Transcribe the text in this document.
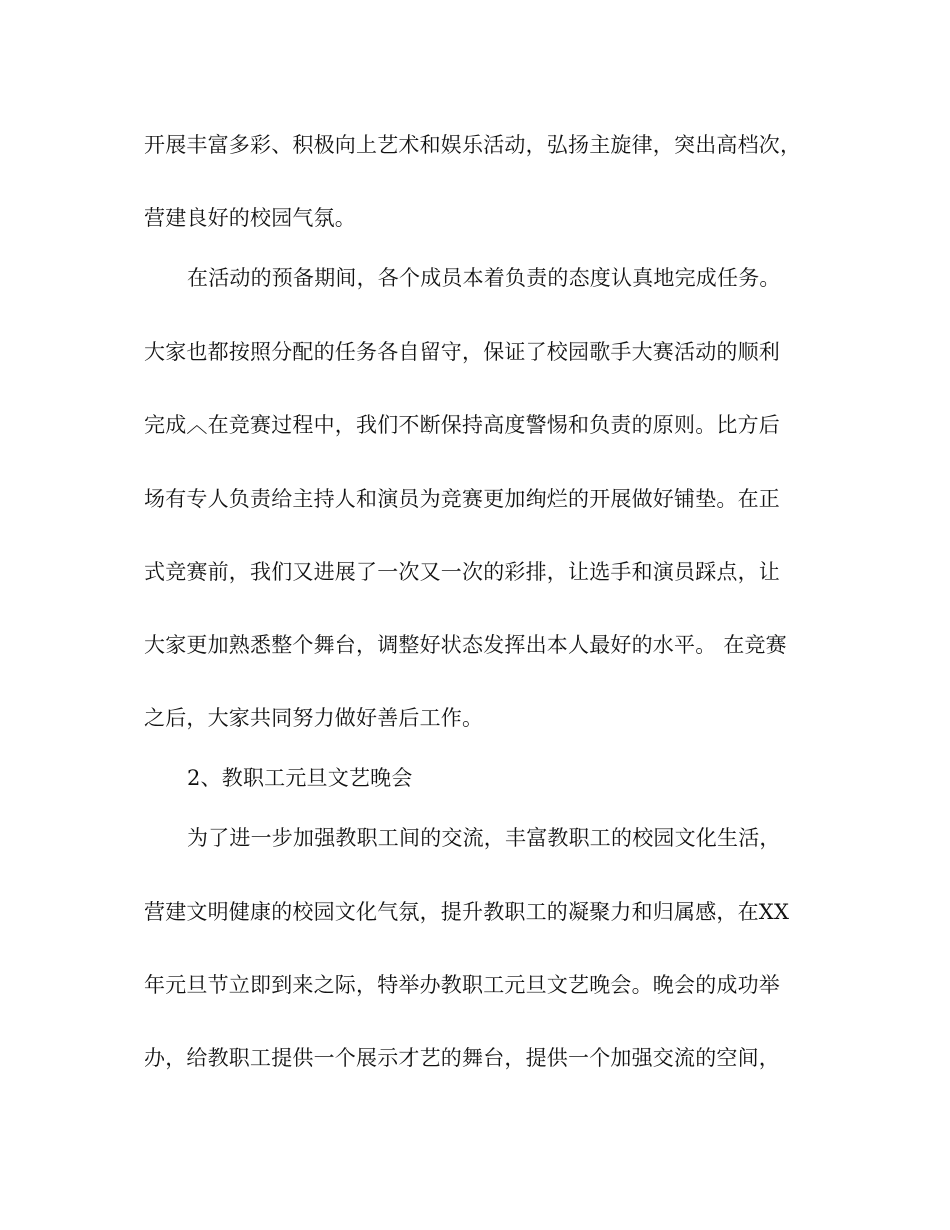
开展丰富多彩、积极向上艺术和娱乐活动，弘扬主旋律，突出高档次，
营建良好的校园气氛。
在活动的预备期间，各个成员本着负责的态度认真地完成任务。
大家也都按照分配的任务各自留守，保证了校园歌手大赛活动的顺利
完成︿在竞赛过程中，我们不断保持高度警惕和负责的原则。比方后
场有专人负责给主持人和演员为竞赛更加绚烂的开展做好铺垫。在正
式竞赛前，我们又进展了一次又一次的彩排，让选手和演员踩点，让
大家更加熟悉整个舞台，调整好状态发挥出本人最好的水平。 在竞赛
之后，大家共同努力做好善后工作。
2、教职工元旦文艺晚会
为了进一步加强教职工间的交流，丰富教职工的校园文化生活，
营建文明健康的校园文化气氛，提升教职工的凝聚力和归属感，在XX
年元旦节立即到来之际，特举办教职工元旦文艺晚会。晚会的成功举
办，给教职工提供一个展示才艺的舞台，提供一个加强交流的空间，
